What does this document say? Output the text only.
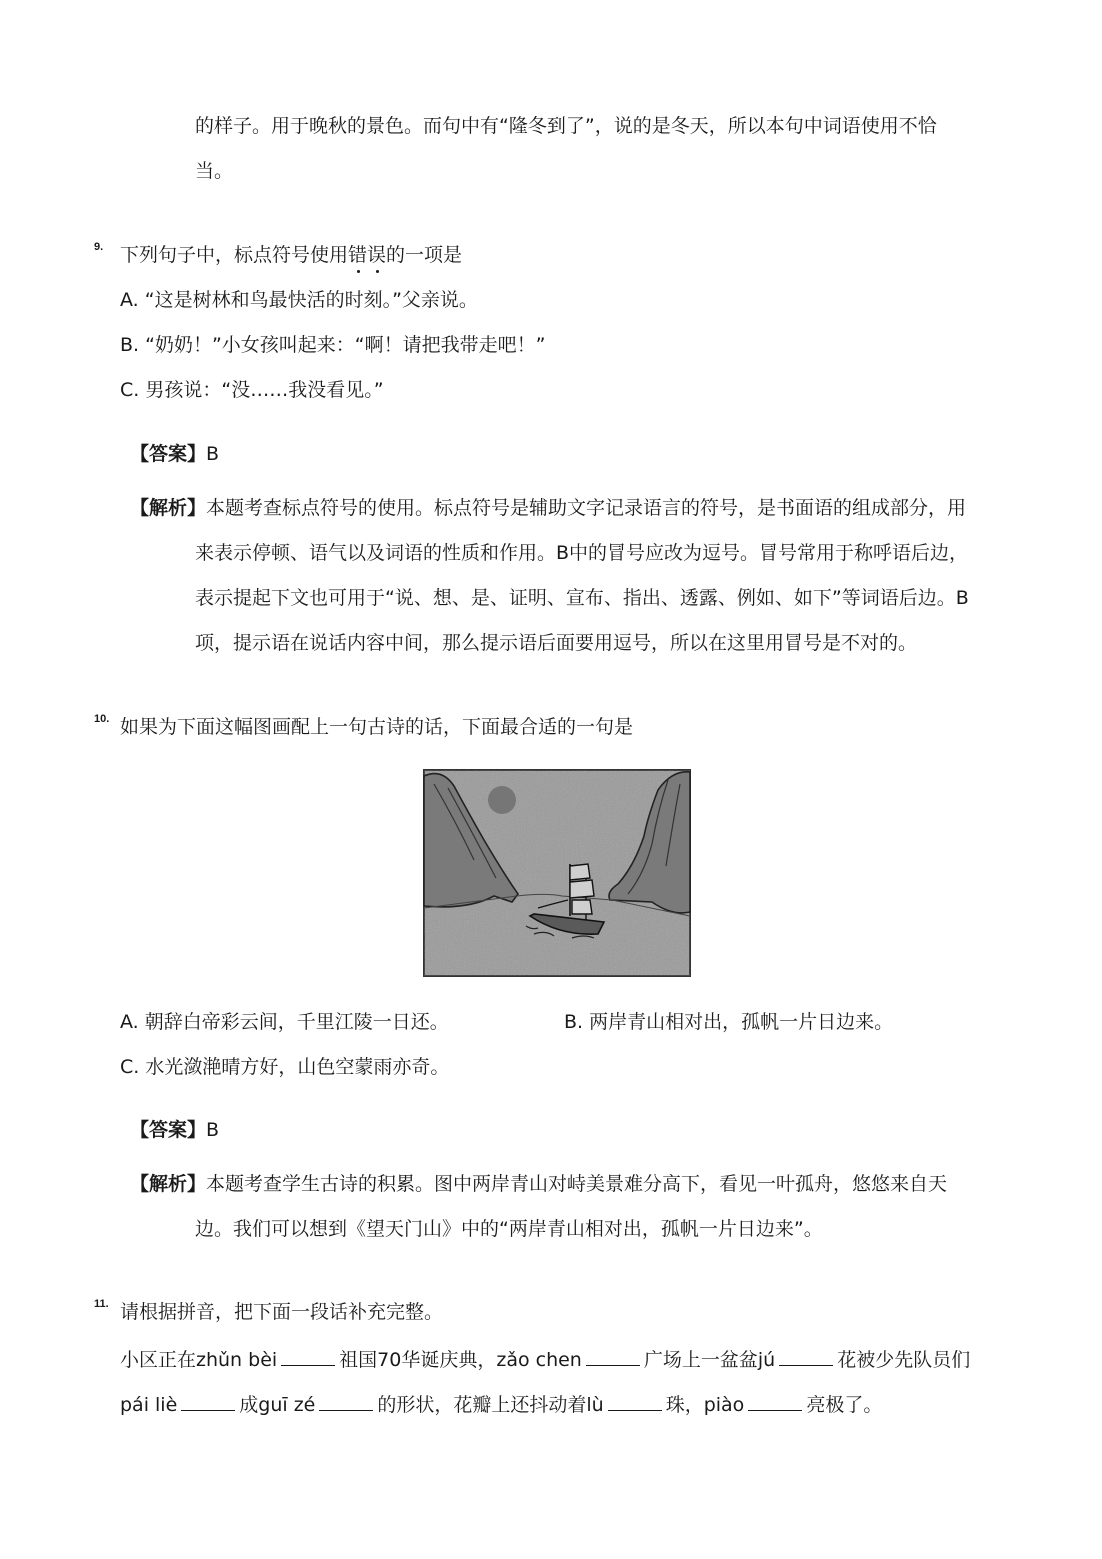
的样子。用于晚秋的景色。而句中有“隆冬到了”，说的是冬天，所以本句中词语使用不恰
当。
9. 下列句子中，标点符号使用错误的一项是
A. “这是树林和鸟最快活的时刻。”父亲说。
B. “奶奶！”小女孩叫起来：“啊！请把我带走吧！”
C. 男孩说：“没……我没看见。”
【答案】B
【解析】本题考查标点符号的使用。标点符号是辅助文字记录语言的符号，是书面语的组成部分，用
来表示停顿、语气以及词语的性质和作用。B中的冒号应改为逗号。冒号常用于称呼语后边，
表示提起下文也可用于“说、想、是、证明、宣布、指出、透露、例如、如下”等词语后边。B
项，提示语在说话内容中间，那么提示语后面要用逗号，所以在这里用冒号是不对的。
10. 如果为下面这幅图画配上一句古诗的话，下面最合适的一句是
A. 朝辞白帝彩云间，千里江陵一日还。	B. 两岸青山相对出，孤帆一片日边来。
C. 水光潋滟晴方好，山色空蒙雨亦奇。
【答案】B
【解析】本题考查学生古诗的积累。图中两岸青山对峙美景难分高下，看见一叶孤舟，悠悠来自天
边。我们可以想到《望天门山》中的“两岸青山相对出，孤帆一片日边来”。
11. 请根据拼音，把下面一段话补充完整。
小区正在zhǔn bèi	祖国70华诞庆典，zǎo chen	广场上一盆盆jú	花被少先队员们
pái liè	成guī zé	的形状，花瓣上还抖动着lù	珠，piào	亮极了。
